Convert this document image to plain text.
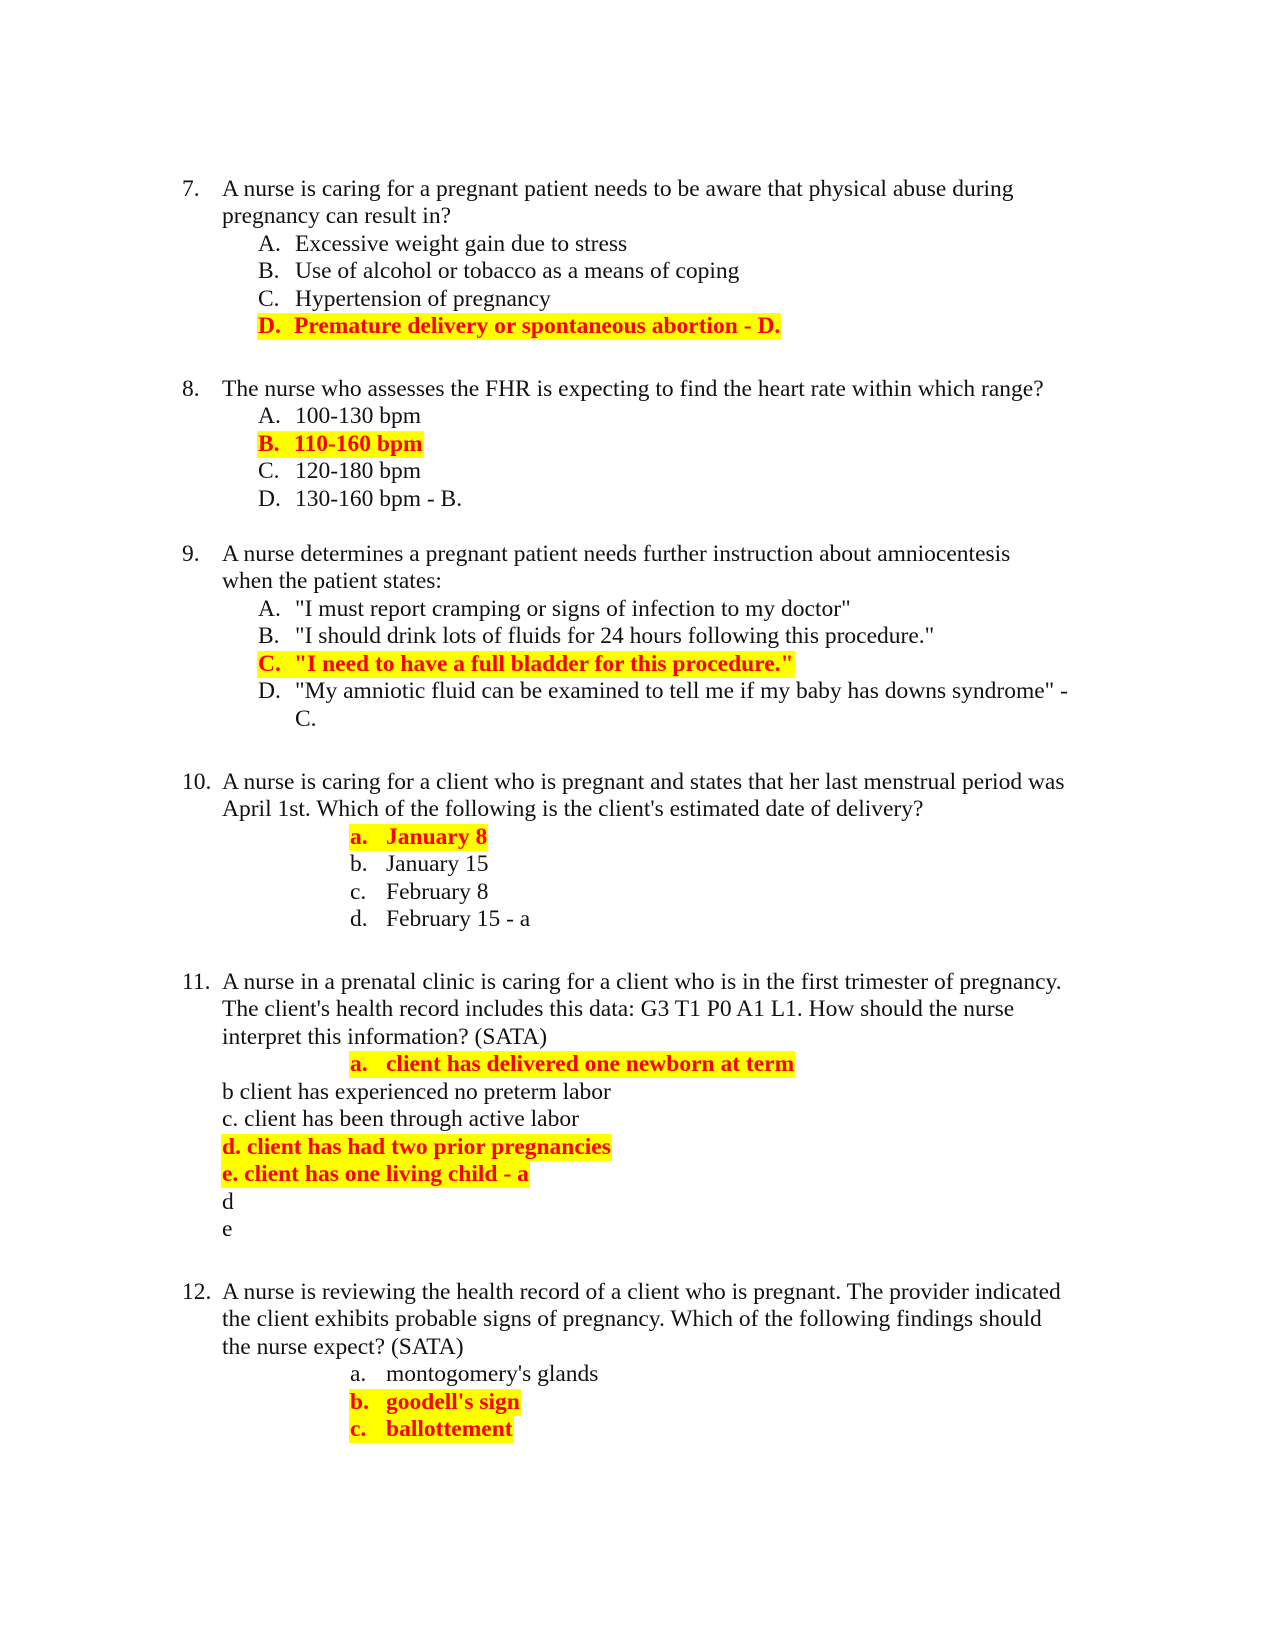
7. A nurse is caring for a pregnant patient needs to be aware that physical abuse during
pregnancy can result in?
A. Excessive weight gain due to stress
B. Use of alcohol or tobacco as a means of coping
C. Hypertension of pregnancy
D. Premature delivery or spontaneous abortion - D.
8. The nurse who assesses the FHR is expecting to find the heart rate within which range?
A. 100-130 bpm
B. 110-160 bpm
C. 120-180 bpm
D. 130-160 bpm - B.
9. A nurse determines a pregnant patient needs further instruction about amniocentesis
when the patient states:
A. "I must report cramping or signs of infection to my doctor"
B. "I should drink lots of fluids for 24 hours following this procedure."
C. "I need to have a full bladder for this procedure."
D. "My amniotic fluid can be examined to tell me if my baby has downs syndrome" -
C.
10. A nurse is caring for a client who is pregnant and states that her last menstrual period was
April 1st. Which of the following is the client's estimated date of delivery?
a. January 8
b. January 15
c. February 8
d. February 15 - a
11. A nurse in a prenatal clinic is caring for a client who is in the first trimester of pregnancy.
The client's health record includes this data: G3 T1 P0 A1 L1. How should the nurse
interpret this information? (SATA)
a. client has delivered one newborn at term
b client has experienced no preterm labor
c. client has been through active labor
d. client has had two prior pregnancies
e. client has one living child - a
d
e
12. A nurse is reviewing the health record of a client who is pregnant. The provider indicated
the client exhibits probable signs of pregnancy. Which of the following findings should
the nurse expect? (SATA)
a. montogomery's glands
b. goodell's sign
c. ballottement
